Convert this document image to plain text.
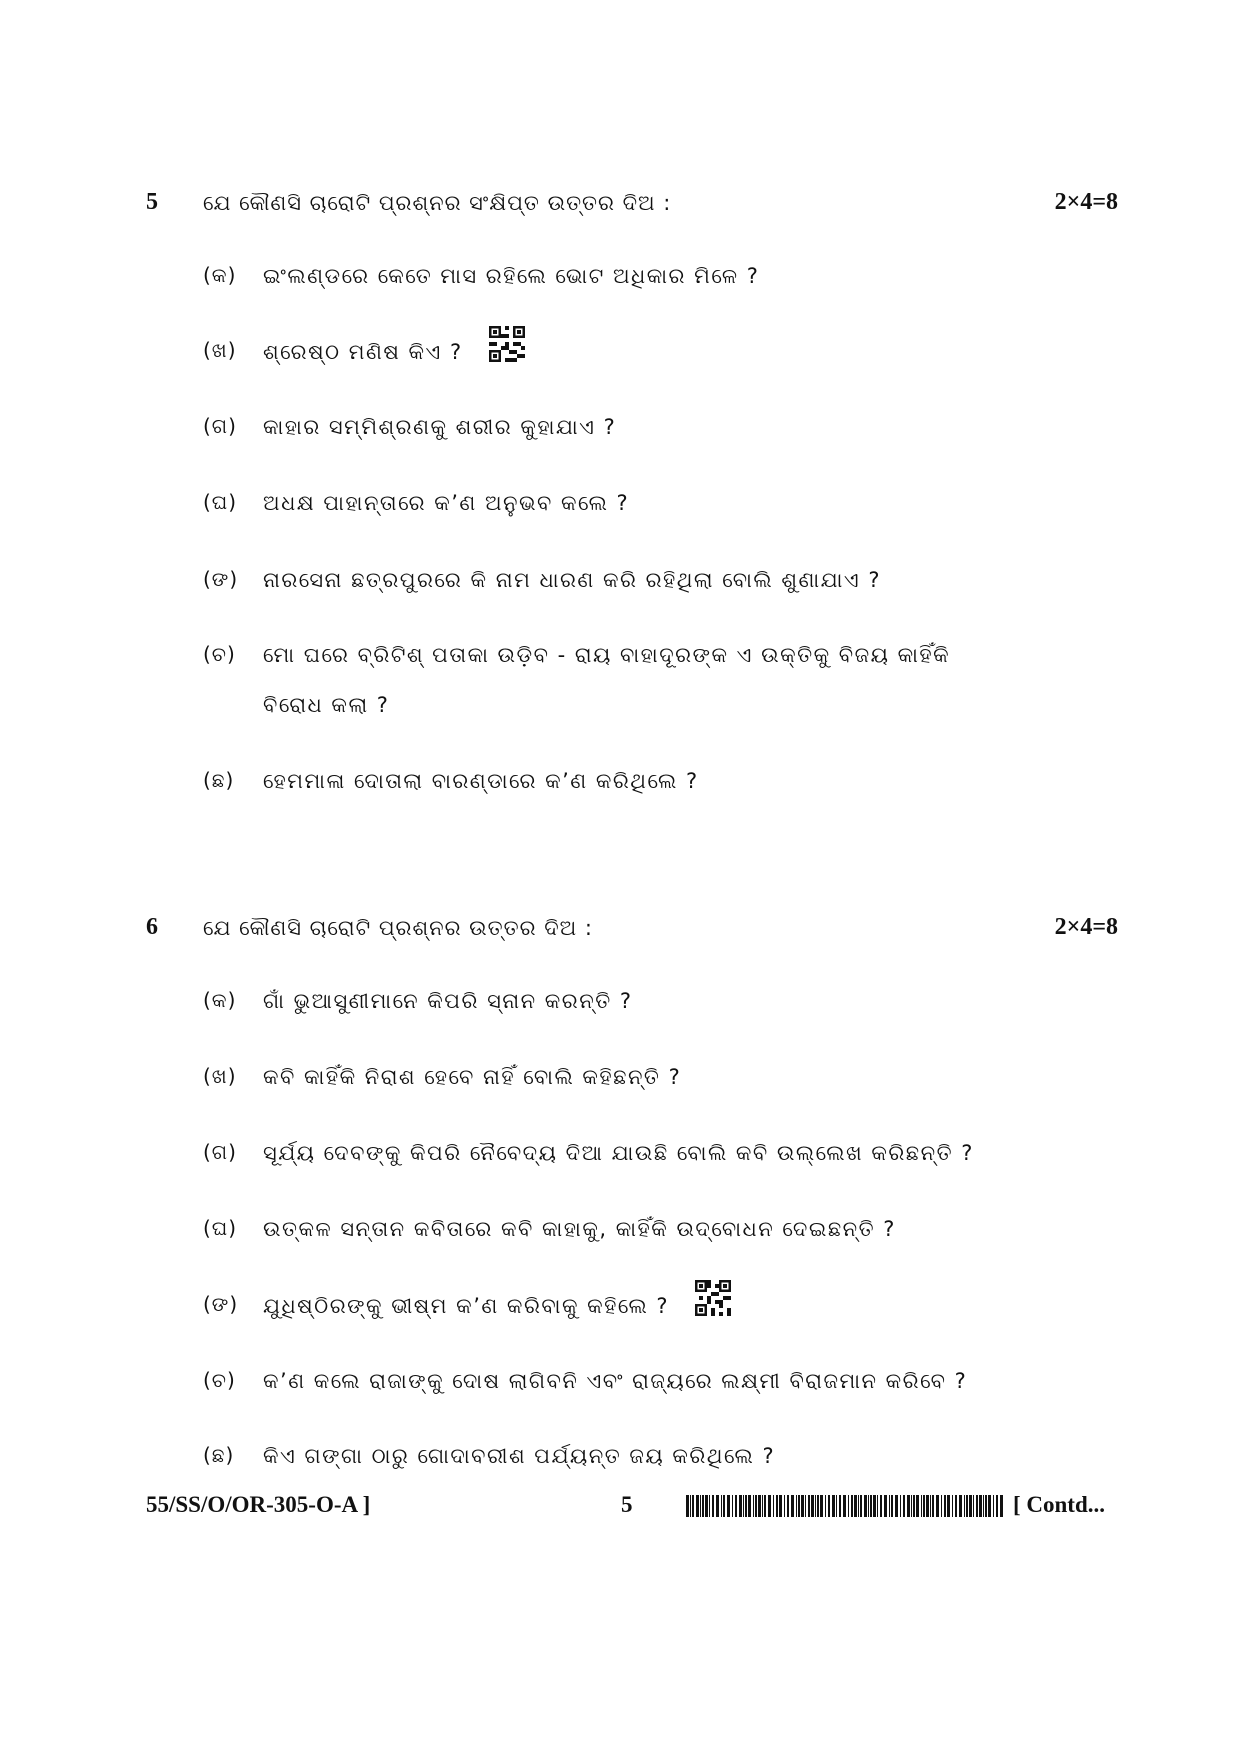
5 ଯେ କୌଣସି ଚାରୋଟି ପ୍ରଶ୍ନର ସଂକ୍ଷିପ୍ତ ଉତ୍ତର ଦିଅ :	2×4=8
(କ) ଇଂଲଣ୍ଡରେ କେତେ ମାସ ରହିଲେ ଭୋଟ ଅଧିକାର ମିଳେ ?
(ଖ) ଶ୍ରେଷ୍ଠ ମଣିଷ କିଏ ?
(ଗ) କାହାର ସମ୍ମିଶ୍ରଣକୁ ଶରୀର କୁହାଯାଏ ?
(ଘ) ଅଧକ୍ଷ ପାହାନ୍ତାରେ କ’ଣ ଅନୁଭବ କଲେ ?
(ଙ) ନାରସେନା ଛତ୍ରପୁରରେ କି ନାମ ଧାରଣ କରି ରହିଥିଲା ବୋଲି ଶୁଣାଯାଏ ?
(ଚ) ମୋ ଘରେ ବ୍ରିଟିଶ୍ ପତାକା ଉଡ଼ିବ - ରାୟ ବାହାଦୂରଙ୍କ ଏ ଉକ୍ତିକୁ ବିଜୟ କାହିଁକି ବିରୋଧ କଲା ?
(ଛ) ହେମମାଳା ଦୋତାଲା ବାରଣ୍ଡାରେ କ’ଣ କରିଥିଲେ ?
6 ଯେ କୌଣସି ଚାରୋଟି ପ୍ରଶ୍ନର ଉତ୍ତର ଦିଅ :	2×4=8
(କ) ଗାଁ ଭୁଆସୁଣୀମାନେ କିପରି ସ୍ନାନ କରନ୍ତି ?
(ଖ) କବି କାହିଁକି ନିରାଶ ହେବେ ନାହିଁ ବୋଲି କହିଛନ୍ତି ?
(ଗ) ସୂର୍ଯ୍ୟ ଦେବଙ୍କୁ କିପରି ନୈବେଦ୍ୟ ଦିଆ ଯାଉଛି ବୋଲି କବି ଉଲ୍ଲେଖ କରିଛନ୍ତି ?
(ଘ) ଉତ୍କଳ ସନ୍ତାନ କବିତାରେ କବି କାହାକୁ, କାହିଁକି ଉଦ୍‌ବୋଧନ ଦେଇଛନ୍ତି ?
(ଙ) ଯୁଧିଷ୍ଠିରଙ୍କୁ ଭୀଷ୍ମ କ’ଣ କରିବାକୁ କହିଲେ ?
(ଚ) କ’ଣ କଲେ ରାଜାଙ୍କୁ ଦୋଷ ଲାଗିବନି ଏବଂ ରାଜ୍ୟରେ ଲକ୍ଷ୍ମୀ ବିରାଜମାନ କରିବେ ?
(ଛ) କିଏ ଗଙ୍ଗା ଠାରୁ ଗୋଦାବରୀଶ ପର୍ଯ୍ୟନ୍ତ ଜୟ କରିଥିଲେ ?
55/SS/O/OR-305-O-A ]	5	[ Contd...
